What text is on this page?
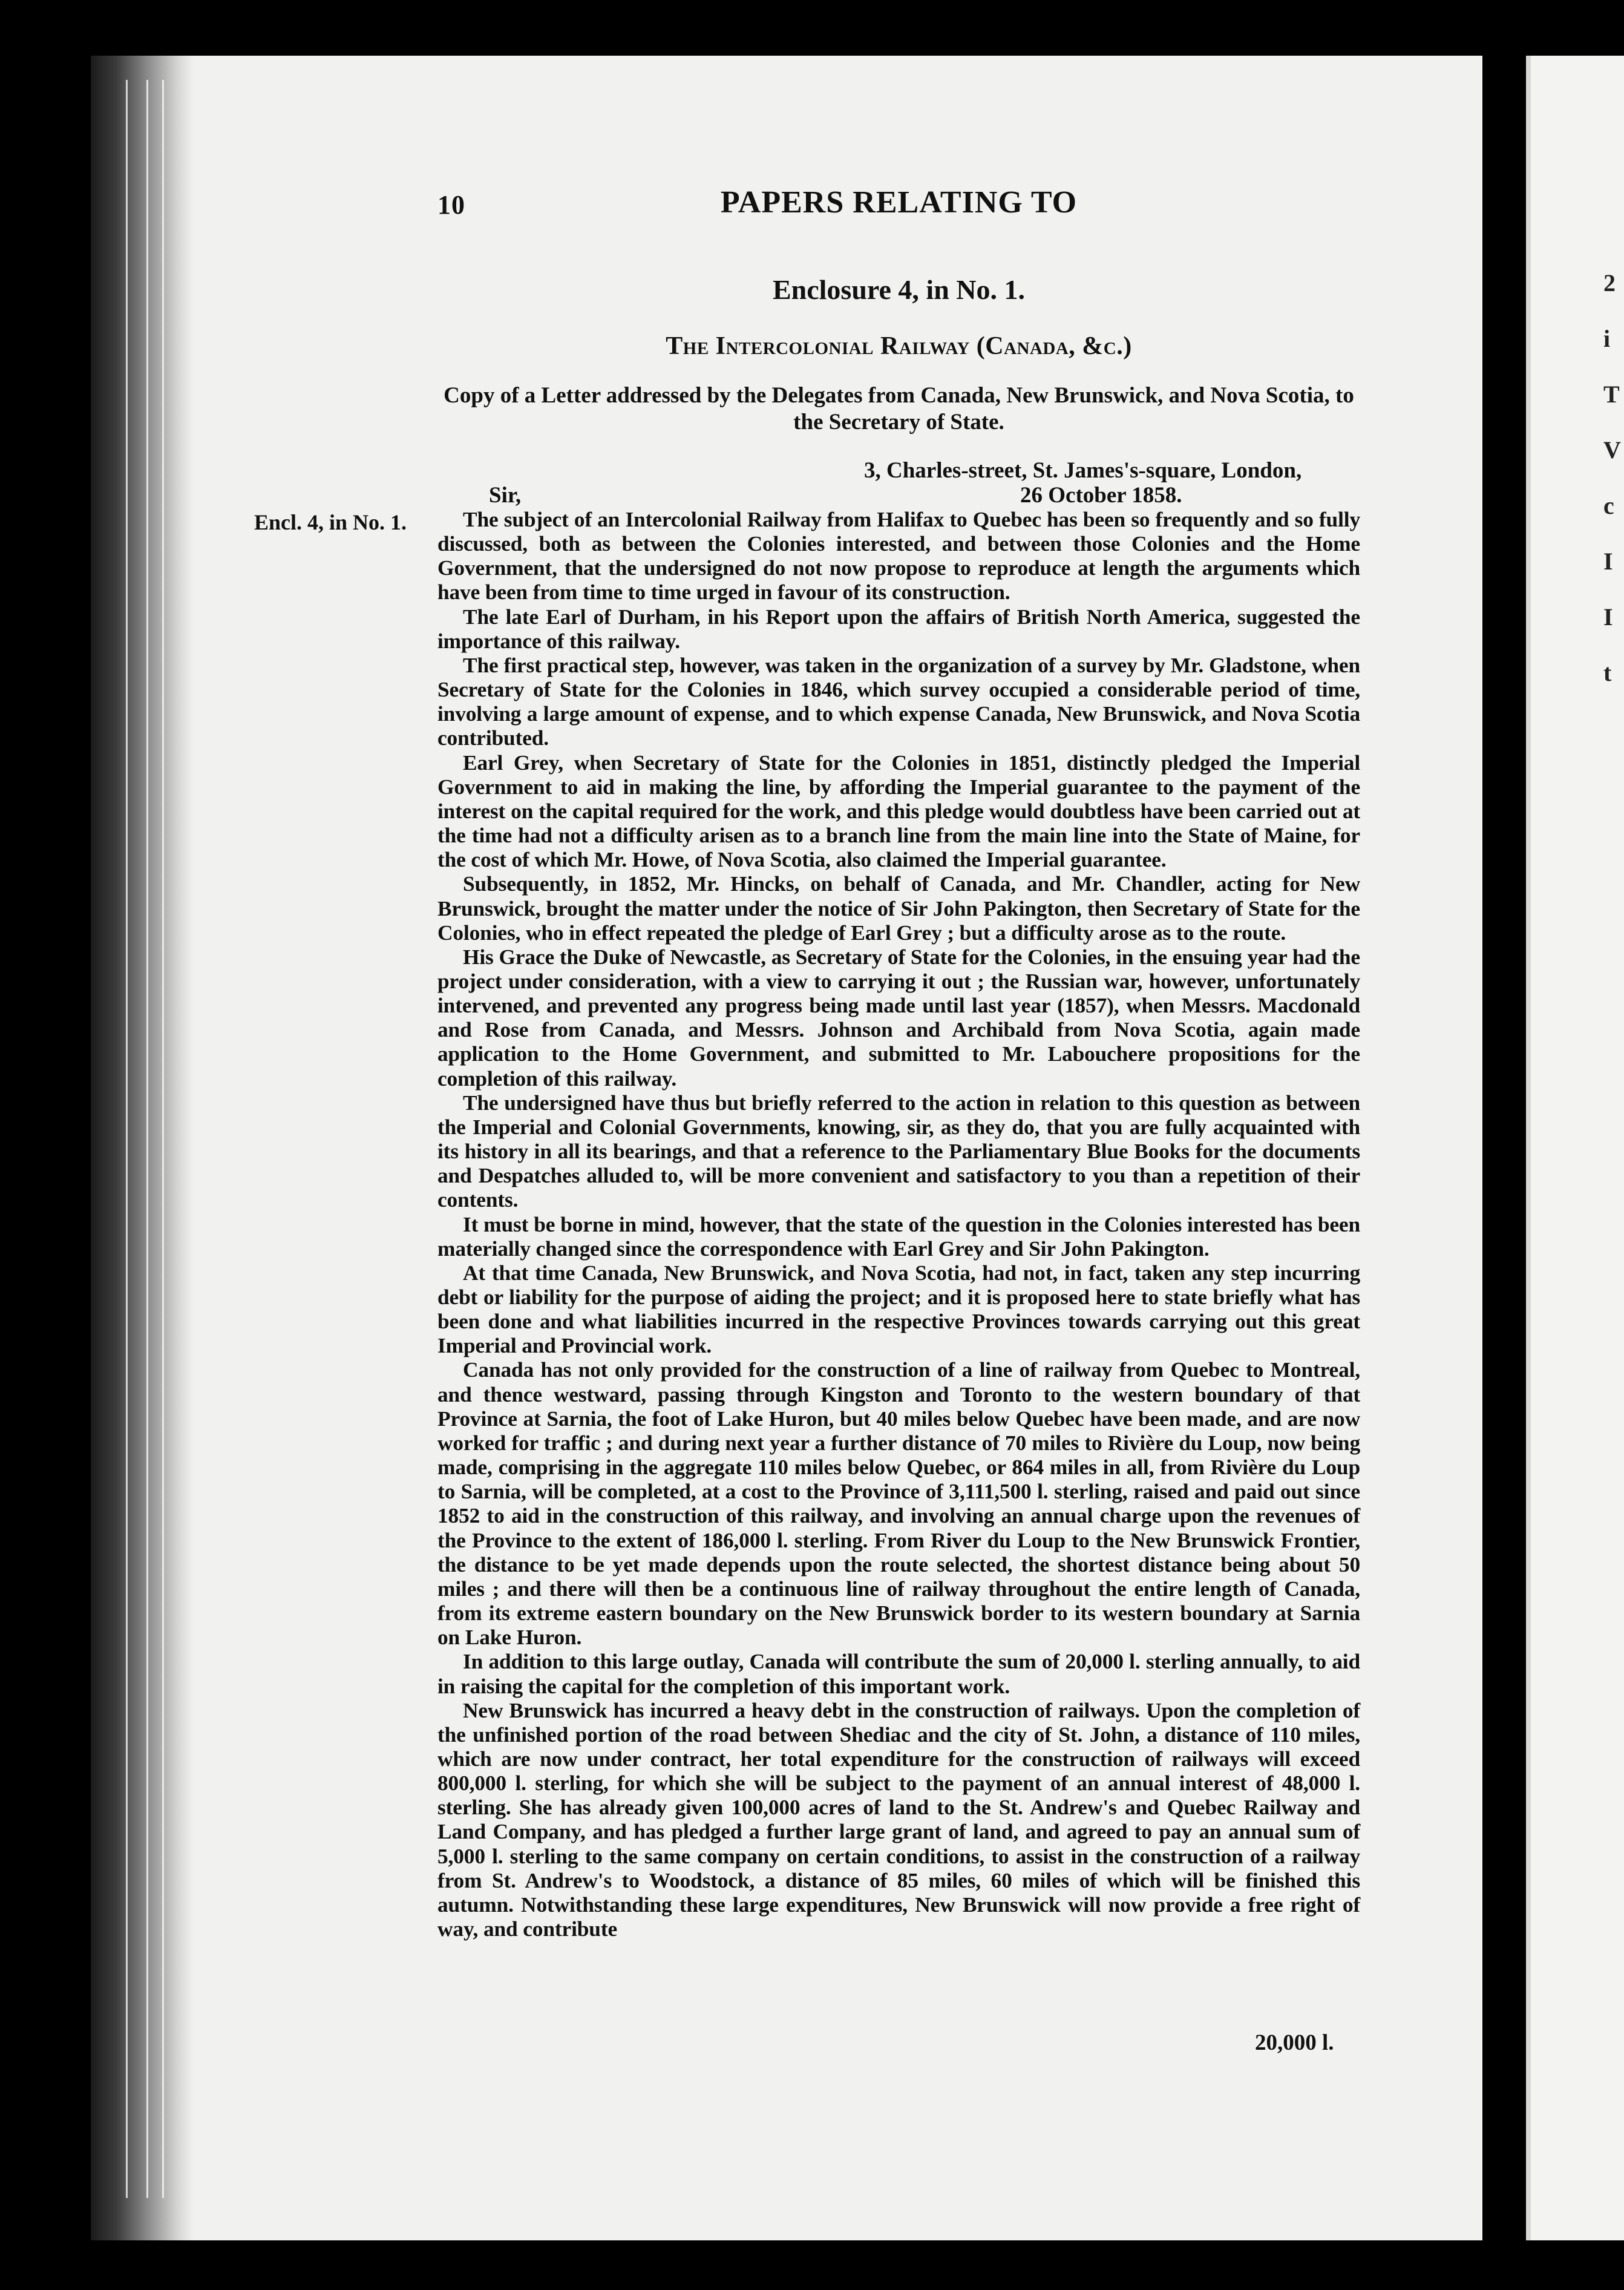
2
i
T
V
c
I
I
t
10	PAPERS RELATING TO
Enclosure 4, in No. 1.
The Intercolonial Railway (Canada, &c.)
Copy of a Letter addressed by the Delegates from Canada, New Brunswick, and Nova Scotia, to the Secretary of State.
3, Charles-street, St. James's-square, London,
Sir,	26 October 1858.
Encl. 4, in No. 1.	The subject of an Intercolonial Railway from Halifax to Quebec has been so frequently and so fully discussed, both as between the Colonies interested, and between those Colonies and the Home Government, that the undersigned do not now propose to reproduce at length the arguments which have been from time to time urged in favour of its construction.

The late Earl of Durham, in his Report upon the affairs of British North America, suggested the importance of this railway.

The first practical step, however, was taken in the organization of a survey by Mr. Gladstone, when Secretary of State for the Colonies in 1846, which survey occupied a considerable period of time, involving a large amount of expense, and to which expense Canada, New Brunswick, and Nova Scotia contributed.

Earl Grey, when Secretary of State for the Colonies in 1851, distinctly pledged the Imperial Government to aid in making the line, by affording the Imperial guarantee to the payment of the interest on the capital required for the work, and this pledge would doubtless have been carried out at the time had not a difficulty arisen as to a branch line from the main line into the State of Maine, for the cost of which Mr. Howe, of Nova Scotia, also claimed the Imperial guarantee.

Subsequently, in 1852, Mr. Hincks, on behalf of Canada, and Mr. Chandler, acting for New Brunswick, brought the matter under the notice of Sir John Pakington, then Secretary of State for the Colonies, who in effect repeated the pledge of Earl Grey ; but a difficulty arose as to the route.

His Grace the Duke of Newcastle, as Secretary of State for the Colonies, in the ensuing year had the project under consideration, with a view to carrying it out ; the Russian war, however, unfortunately intervened, and prevented any progress being made until last year (1857), when Messrs. Macdonald and Rose from Canada, and Messrs. Johnson and Archibald from Nova Scotia, again made application to the Home Government, and submitted to Mr. Labouchere propositions for the completion of this railway.

The undersigned have thus but briefly referred to the action in relation to this question as between the Imperial and Colonial Governments, knowing, sir, as they do, that you are fully acquainted with its history in all its bearings, and that a reference to the Parliamentary Blue Books for the documents and Despatches alluded to, will be more convenient and satisfactory to you than a repetition of their contents.

It must be borne in mind, however, that the state of the question in the Colonies interested has been materially changed since the correspondence with Earl Grey and Sir John Pakington.

At that time Canada, New Brunswick, and Nova Scotia, had not, in fact, taken any step incurring debt or liability for the purpose of aiding the project; and it is proposed here to state briefly what has been done and what liabilities incurred in the respective Provinces towards carrying out this great Imperial and Provincial work.

Canada has not only provided for the construction of a line of railway from Quebec to Montreal, and thence westward, passing through Kingston and Toronto to the western boundary of that Province at Sarnia, the foot of Lake Huron, but 40 miles below Quebec have been made, and are now worked for traffic ; and during next year a further distance of 70 miles to Rivière du Loup, now being made, comprising in the aggregate 110 miles below Quebec, or 864 miles in all, from Rivière du Loup to Sarnia, will be completed, at a cost to the Province of 3,111,500 l. sterling, raised and paid out since 1852 to aid in the construction of this railway, and involving an annual charge upon the revenues of the Province to the extent of 186,000 l. sterling. From River du Loup to the New Brunswick Frontier, the distance to be yet made depends upon the route selected, the shortest distance being about 50 miles ; and there will then be a continuous line of railway throughout the entire length of Canada, from its extreme eastern boundary on the New Brunswick border to its western boundary at Sarnia on Lake Huron.

In addition to this large outlay, Canada will contribute the sum of 20,000 l. sterling annually, to aid in raising the capital for the completion of this important work.

New Brunswick has incurred a heavy debt in the construction of railways. Upon the completion of the unfinished portion of the road between Shediac and the city of St. John, a distance of 110 miles, which are now under contract, her total expenditure for the construction of railways will exceed 800,000 l. sterling, for which she will be subject to the payment of an annual interest of 48,000 l. sterling. She has already given 100,000 acres of land to the St. Andrew's and Quebec Railway and Land Company, and has pledged a further large grant of land, and agreed to pay an annual sum of 5,000 l. sterling to the same company on certain conditions, to assist in the construction of a railway from St. Andrew's to Woodstock, a distance of 85 miles, 60 miles of which will be finished this autumn. Notwithstanding these large expenditures, New Brunswick will now provide a free right of way, and contribute

20,000 l.
